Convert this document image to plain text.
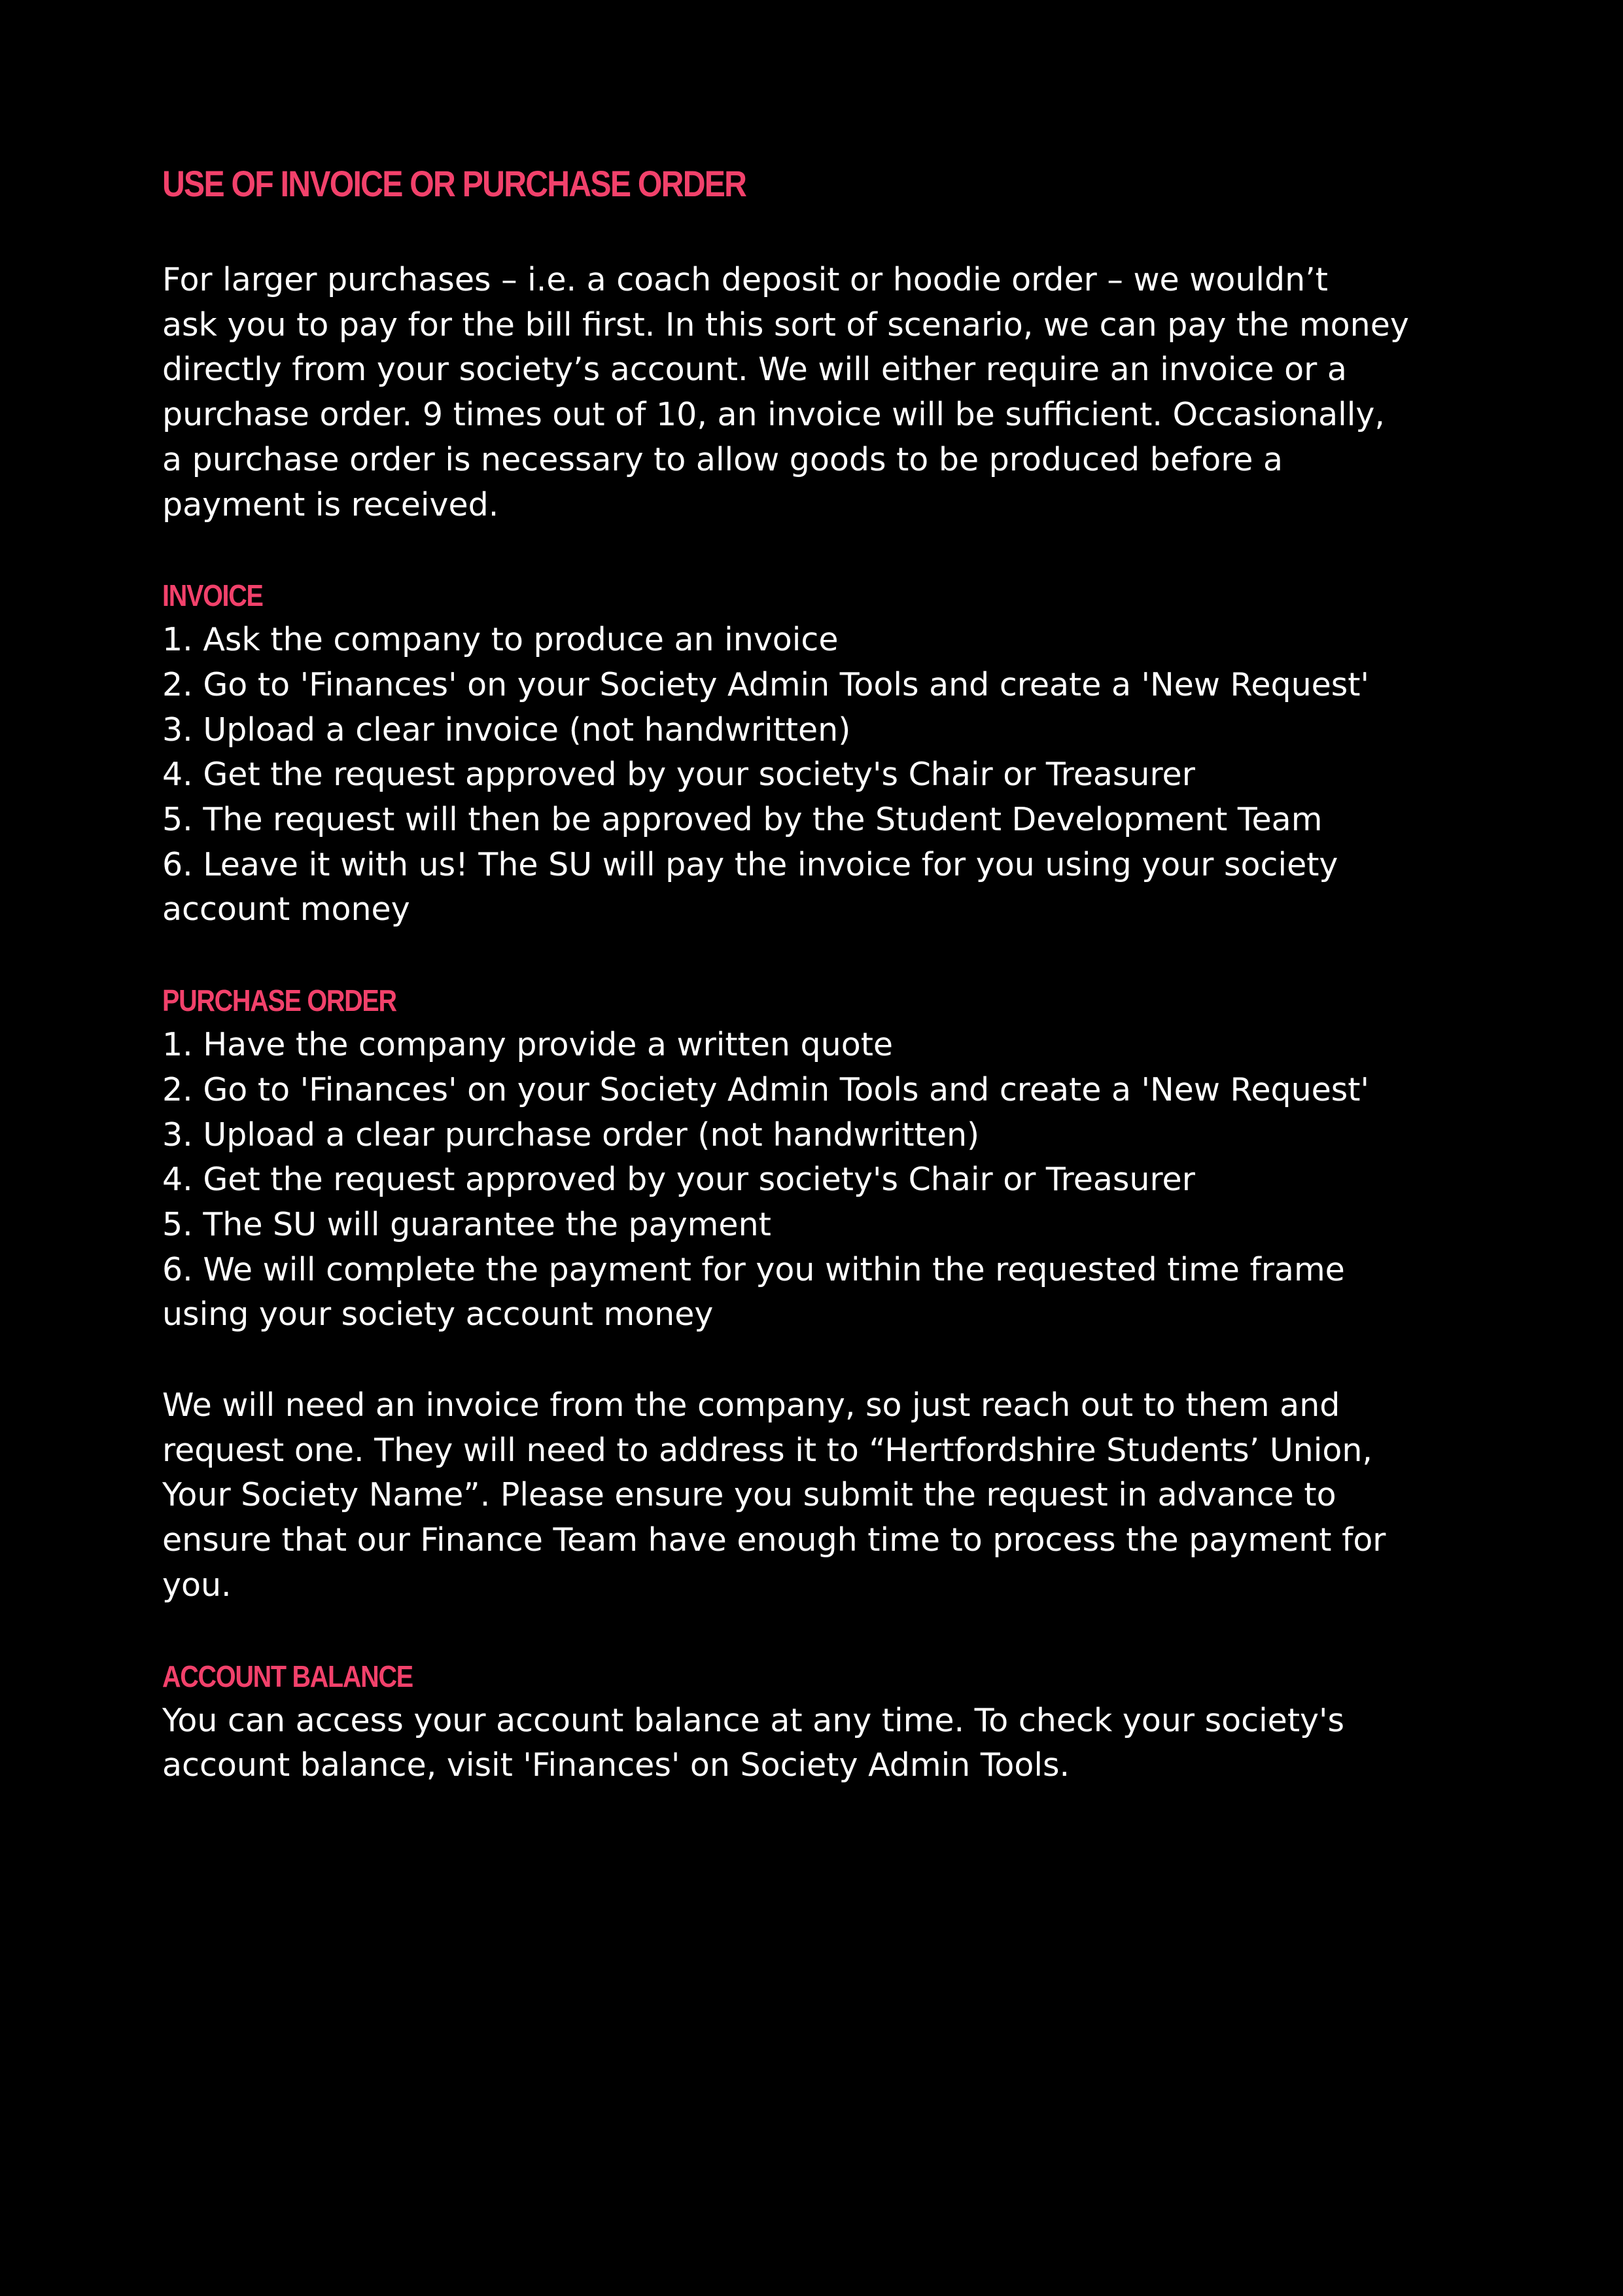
USE OF INVOICE OR PURCHASE ORDER

For larger purchases – i.e. a coach deposit or hoodie order – we wouldn’t
ask you to pay for the bill first. In this sort of scenario, we can pay the money
directly from your society’s account. We will either require an invoice or a
purchase order. 9 times out of 10, an invoice will be sufficient. Occasionally,
a purchase order is necessary to allow goods to be produced before a
payment is received.

INVOICE
1. Ask the company to produce an invoice
2. Go to 'Finances' on your Society Admin Tools and create a 'New Request'
3. Upload a clear invoice (not handwritten)
4. Get the request approved by your society's Chair or Treasurer
5. The request will then be approved by the Student Development Team
6. Leave it with us! The SU will pay the invoice for you using your society
account money
PURCHASE ORDER
1. Have the company provide a written quote
2. Go to 'Finances' on your Society Admin Tools and create a 'New Request'
3. Upload a clear purchase order (not handwritten)
4. Get the request approved by your society's Chair or Treasurer
5. The SU will guarantee the payment
6. We will complete the payment for you within the requested time frame
using your society account money

We will need an invoice from the company, so just reach out to them and
request one. They will need to address it to “Hertfordshire Students’ Union,
Your Society Name”. Please ensure you submit the request in advance to
ensure that our Finance Team have enough time to process the payment for
you.

ACCOUNT BALANCE

You can access your account balance at any time. To check your society's
account balance, visit 'Finances' on Society Admin Tools.
